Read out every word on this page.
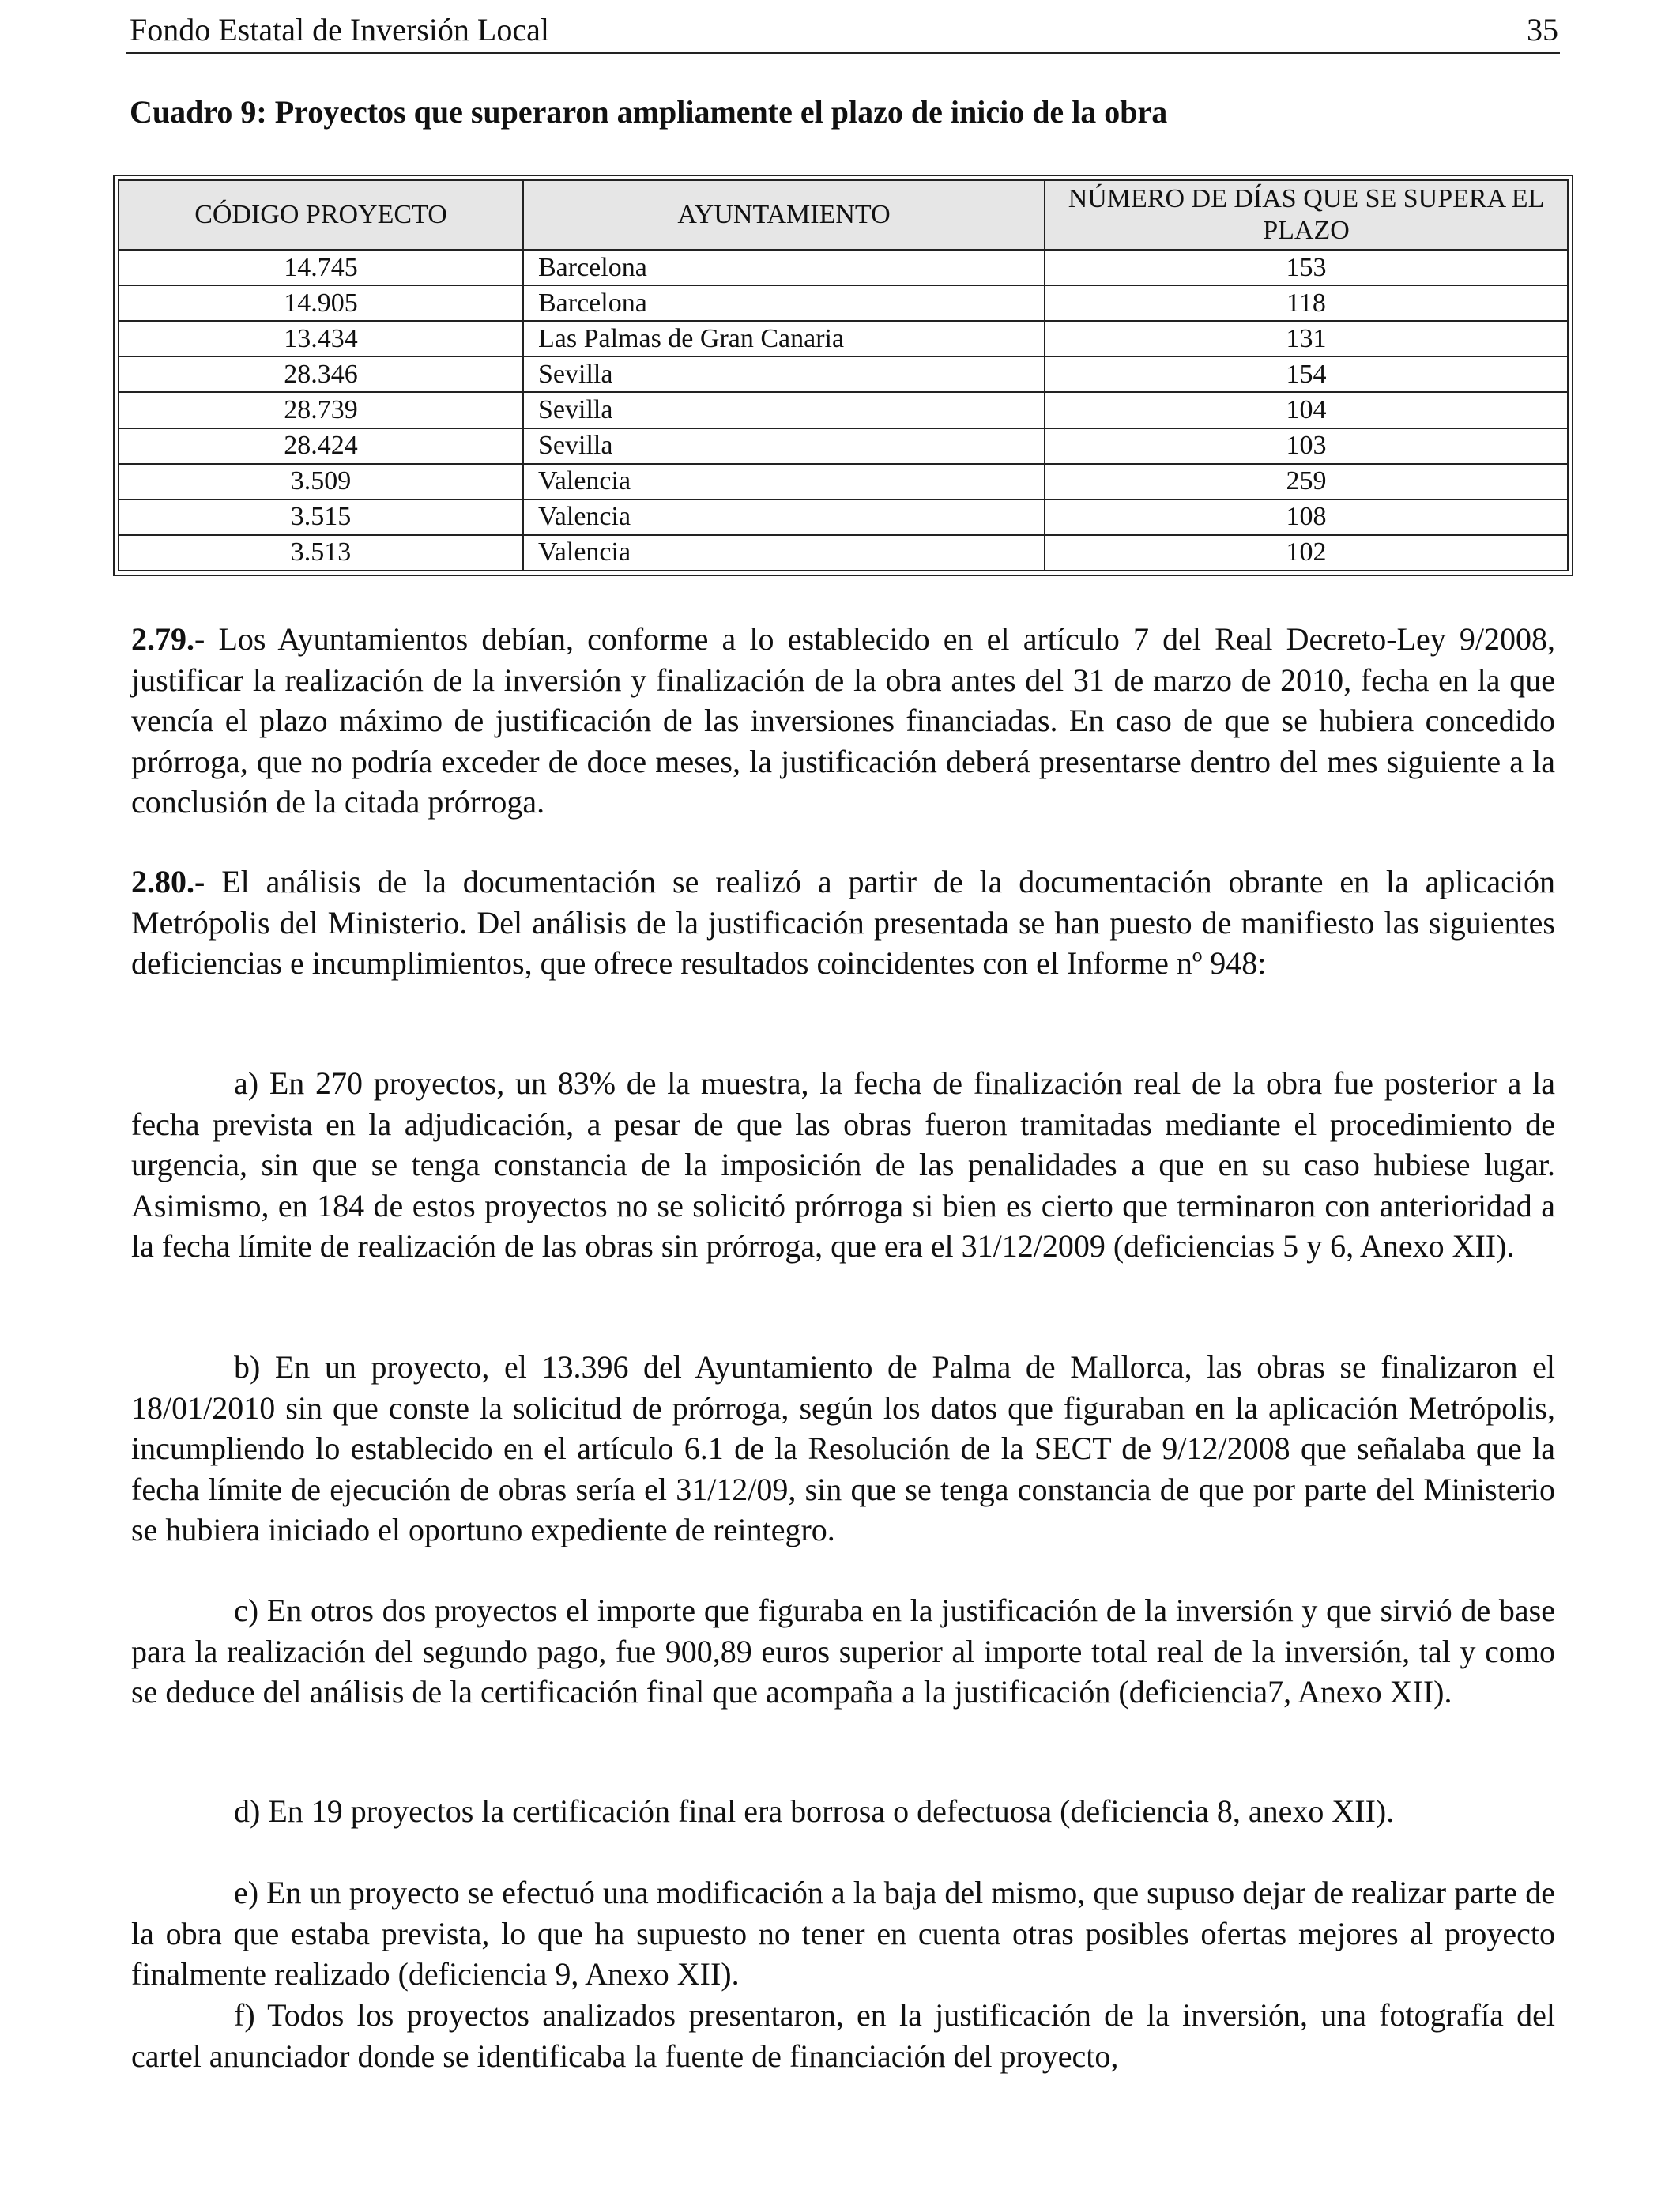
Fondo Estatal de Inversión Local	35
Cuadro 9: Proyectos que superaron ampliamente el plazo de inicio de la obra
CÓDIGO PROYECTO	AYUNTAMIENTO	NÚMERO DE DÍAS QUE SE SUPERA EL PLAZO
14.745	Barcelona	153
14.905	Barcelona	118
13.434	Las Palmas de Gran Canaria	131
28.346	Sevilla	154
28.739	Sevilla	104
28.424	Sevilla	103
3.509	Valencia	259
3.515	Valencia	108
3.513	Valencia	102

2.79.- Los Ayuntamientos debían, conforme a lo establecido en el artículo 7 del Real Decreto-Ley 9/2008, justificar la realización de la inversión y finalización de la obra antes del 31 de marzo de 2010, fecha en la que vencía el plazo máximo de justificación de las inversiones financiadas. En caso de que se hubiera concedido prórroga, que no podría exceder de doce meses, la justificación deberá presentarse dentro del mes siguiente a la conclusión de la citada prórroga.

2.80.- El análisis de la documentación se realizó a partir de la documentación obrante en la aplicación Metrópolis del Ministerio. Del análisis de la justificación presentada se han puesto de manifiesto las siguientes deficiencias e incumplimientos, que ofrece resultados coincidentes con el Informe nº 948:

a) En 270 proyectos, un 83% de la muestra, la fecha de finalización real de la obra fue posterior a la fecha prevista en la adjudicación, a pesar de que las obras fueron tramitadas mediante el procedimiento de urgencia, sin que se tenga constancia de la imposición de las penalidades a que en su caso hubiese lugar. Asimismo, en 184 de estos proyectos no se solicitó prórroga si bien es cierto que terminaron con anterioridad a la fecha límite de realización de las obras sin prórroga, que era el 31/12/2009 (deficiencias 5 y 6, Anexo XII).

b) En un proyecto, el 13.396 del Ayuntamiento de Palma de Mallorca, las obras se finalizaron el 18/01/2010 sin que conste la solicitud de prórroga, según los datos que figuraban en la aplicación Metrópolis, incumpliendo lo establecido en el artículo 6.1 de la Resolución de la SECT de 9/12/2008 que señalaba que la fecha límite de ejecución de obras sería el 31/12/09, sin que se tenga constancia de que por parte del Ministerio se hubiera iniciado el oportuno expediente de reintegro.

c) En otros dos proyectos el importe que figuraba en la justificación de la inversión y que sirvió de base para la realización del segundo pago, fue 900,89 euros superior al importe total real de la inversión, tal y como se deduce del análisis de la certificación final que acompaña a la justificación (deficiencia7, Anexo XII).

d) En 19 proyectos la certificación final era borrosa o defectuosa (deficiencia 8, anexo XII).

e) En un proyecto se efectuó una modificación a la baja del mismo, que supuso dejar de realizar parte de la obra que estaba prevista, lo que ha supuesto no tener en cuenta otras posibles ofertas mejores al proyecto finalmente realizado (deficiencia 9, Anexo XII).

f) Todos los proyectos analizados presentaron, en la justificación de la inversión, una fotografía del cartel anunciador donde se identificaba la fuente de financiación del proyecto,
